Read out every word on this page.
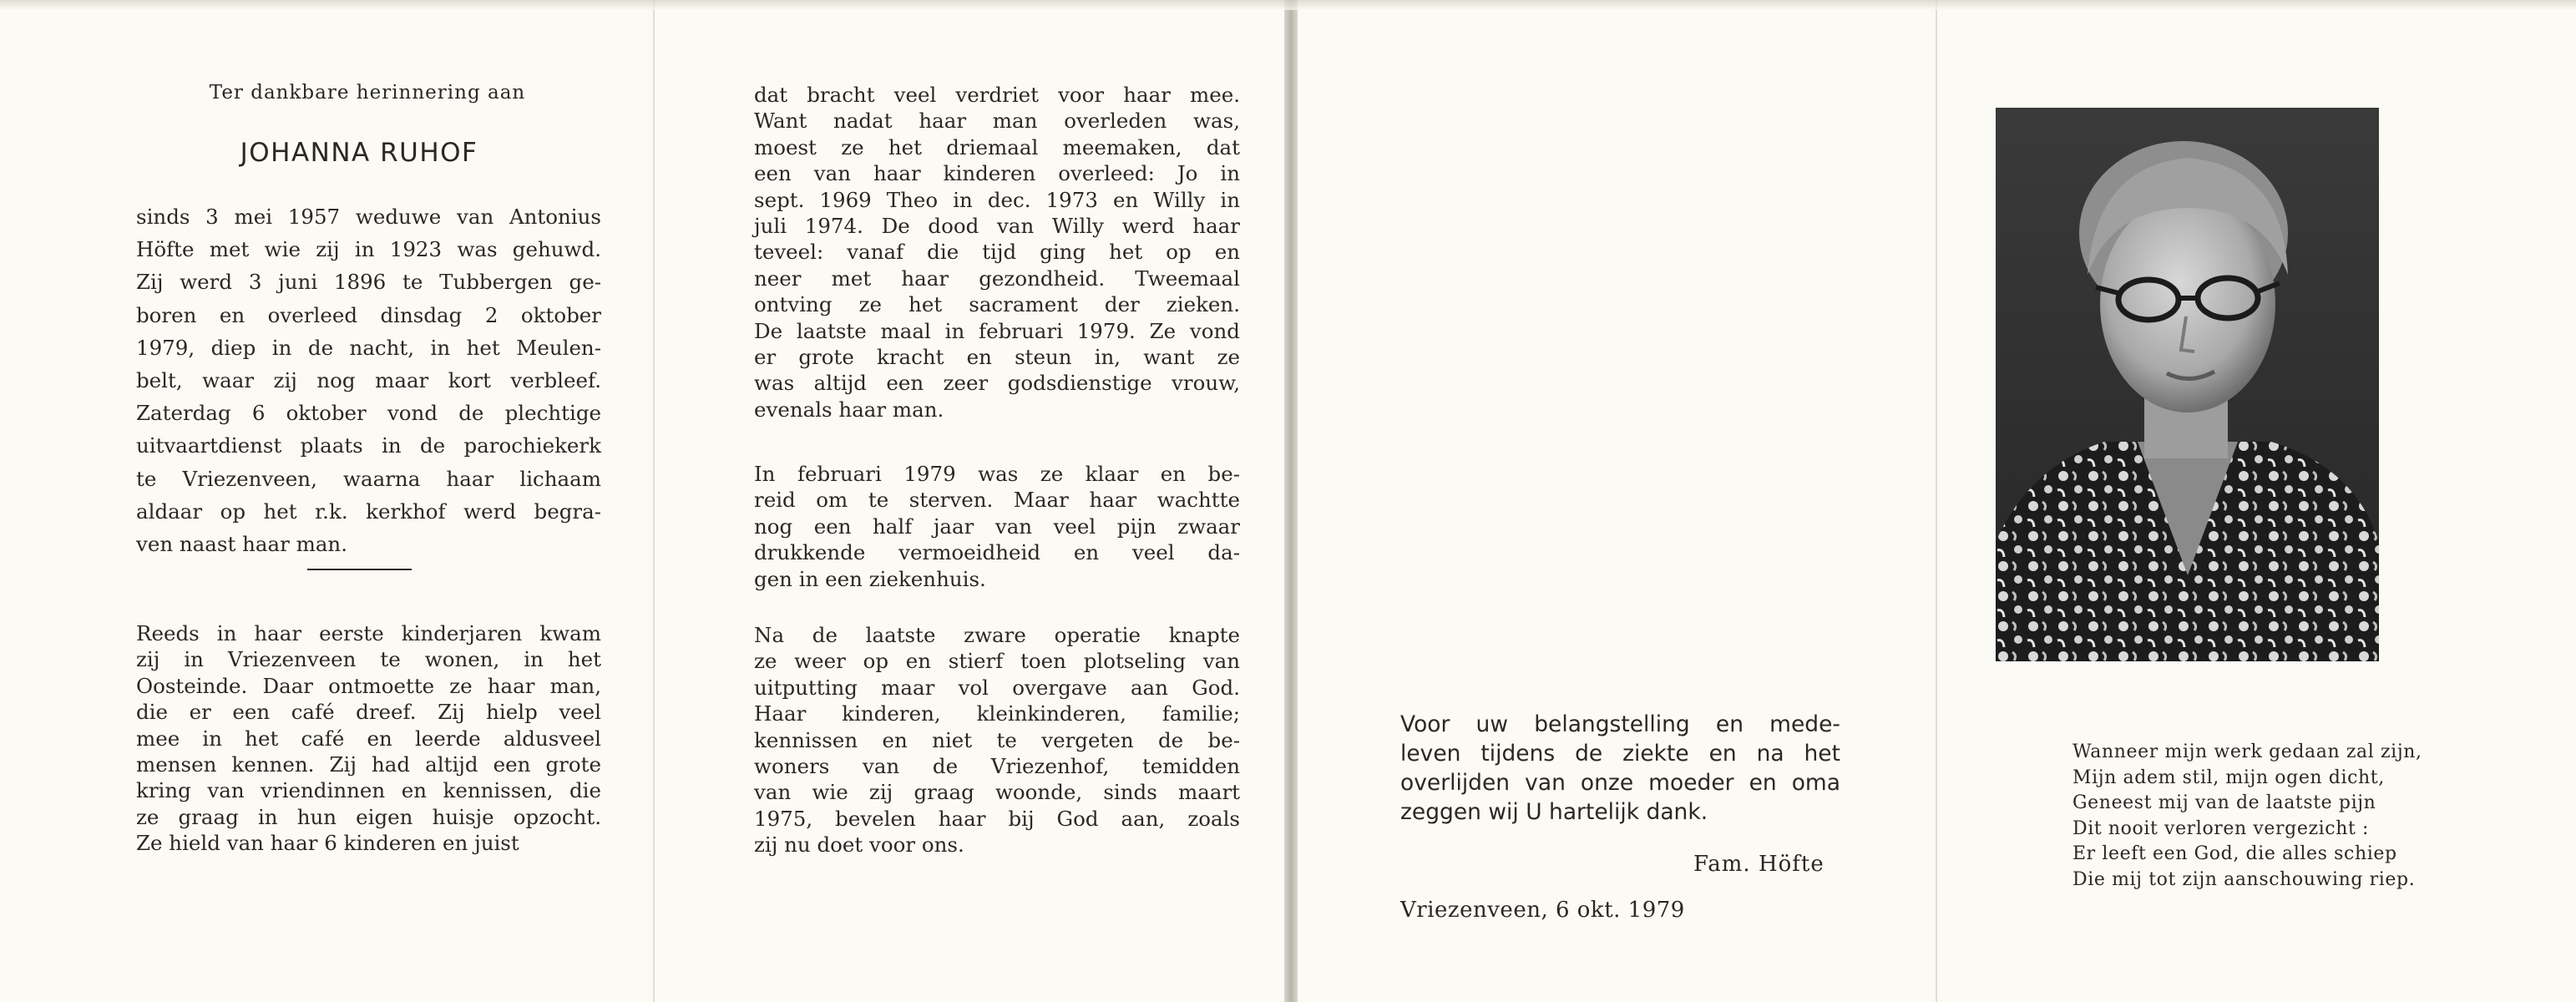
Ter dankbare herinnering aan
JOHANNA RUHOF

sinds 3 mei 1957 weduwe van Antonius

Höfte met wie zij in 1923 was gehuwd.

Zij werd 3 juni 1896 te Tubbergen ge-

boren en overleed dinsdag 2 oktober

1979, diep in de nacht, in het Meulen-

belt, waar zij nog maar kort verbleef.

Zaterdag 6 oktober vond de plechtige

uitvaartdienst plaats in de parochiekerk

te Vriezenveen, waarna haar lichaam

aldaar op het r.k. kerkhof werd begra-

ven naast haar man.

Reeds in haar eerste kinderjaren kwam

zij in Vriezenveen te wonen, in het

Oosteinde. Daar ontmoette ze haar man,

die er een café dreef. Zij hielp veel

mee in het café en leerde aldusveel

mensen kennen. Zij had altijd een grote

kring van vriendinnen en kennissen, die

ze graag in hun eigen huisje opzocht.

Ze hield van haar 6 kinderen en juist

dat bracht veel verdriet voor haar mee.

Want nadat haar man overleden was,

moest ze het driemaal meemaken, dat

een van haar kinderen overleed: Jo in

sept. 1969 Theo in dec. 1973 en Willy in

juli 1974. De dood van Willy werd haar

teveel: vanaf die tijd ging het op en

neer met haar gezondheid. Tweemaal

ontving ze het sacrament der zieken.

De laatste maal in februari 1979. Ze vond

er grote kracht en steun in, want ze

was altijd een zeer godsdienstige vrouw,

evenals haar man.

In februari 1979 was ze klaar en be-

reid om te sterven. Maar haar wachtte

nog een half jaar van veel pijn zwaar

drukkende vermoeidheid en veel da-

gen in een ziekenhuis.

Na de laatste zware operatie knapte

ze weer op en stierf toen plotseling van

uitputting maar vol overgave aan God.

Haar kinderen, kleinkinderen, familie;

kennissen en niet te vergeten de be-

woners van de Vriezenhof, temidden

van wie zij graag woonde, sinds maart

1975, bevelen haar bij God aan, zoals

zij nu doet voor ons.

Voor uw belangstelling en mede-

leven tijdens de ziekte en na het

overlijden van onze moeder en oma

zeggen wij U hartelijk dank.

Fam. Höfte
Vriezenveen, 6 okt. 1979
Wanneer mijn werk gedaan zal zijn,
Mijn adem stil, mijn ogen dicht,
Geneest mij van de laatste pijn
Dit nooit verloren vergezicht :
Er leeft een God, die alles schiep
Die mij tot zijn aanschouwing riep.
